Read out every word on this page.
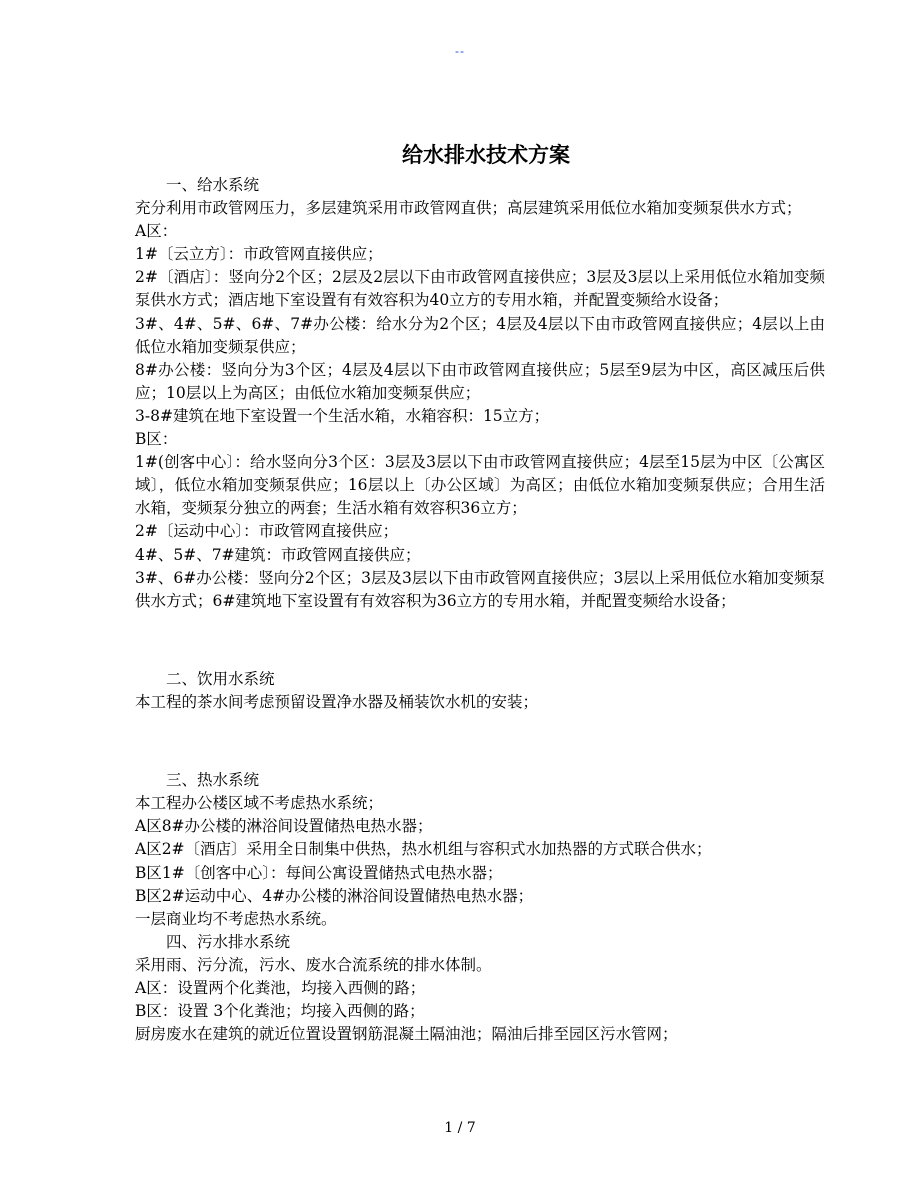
--
给水排水技术方案

一、给水系统

充分利用市政管网压力，多层建筑采用市政管网直供；高层建筑采用低位水箱加变频泵供水方式；

A区：

1#〔云立方〕：市政管网直接供应；

2#〔酒店〕：竖向分2个区；2层及2层以下由市政管网直接供应；3层及3层以上采用低位水箱加变频泵供水方式；酒店地下室设置有有效容积为40立方的专用水箱，并配置变频给水设备；

3#、4#、5#、6#、7#办公楼：给水分为2个区；4层及4层以下由市政管网直接供应；4层以上由低位水箱加变频泵供应；

8#办公楼：竖向分为3个区；4层及4层以下由市政管网直接供应；5层至9层为中区，高区减压后供应；10层以上为高区；由低位水箱加变频泵供应；

3-8#建筑在地下室设置一个生活水箱，水箱容积：15立方；

B区：

1#(创客中心〕：给水竖向分3个区：3层及3层以下由市政管网直接供应；4层至15层为中区〔公寓区域〕，低位水箱加变频泵供应；16层以上〔办公区域〕为高区；由低位水箱加变频泵供应；合用生活水箱，变频泵分独立的两套；生活水箱有效容积36立方；

2#〔运动中心〕：市政管网直接供应；

4#、5#、7#建筑：市政管网直接供应；

3#、6#办公楼：竖向分2个区；3层及3层以下由市政管网直接供应；3层以上采用低位水箱加变频泵供水方式；6#建筑地下室设置有有效容积为36立方的专用水箱，并配置变频给水设备；

二、饮用水系统

本工程的茶水间考虑预留设置净水器及桶装饮水机的安装；

三、热水系统

本工程办公楼区域不考虑热水系统；

A区8#办公楼的淋浴间设置储热电热水器；

A区2#〔酒店〕采用全日制集中供热，热水机组与容积式水加热器的方式联合供水；

B区1#〔创客中心〕：每间公寓设置储热式电热水器；

B区2#运动中心、4#办公楼的淋浴间设置储热电热水器；

一层商业均不考虑热水系统。

四、污水排水系统

采用雨、污分流，污水、废水合流系统的排水体制。

A区：设置两个化粪池，均接入西侧的路；

B区：设置 3个化粪池；均接入西侧的路；

厨房废水在建筑的就近位置设置钢筋混凝土隔油池；隔油后排至园区污水管网；

1 / 7
